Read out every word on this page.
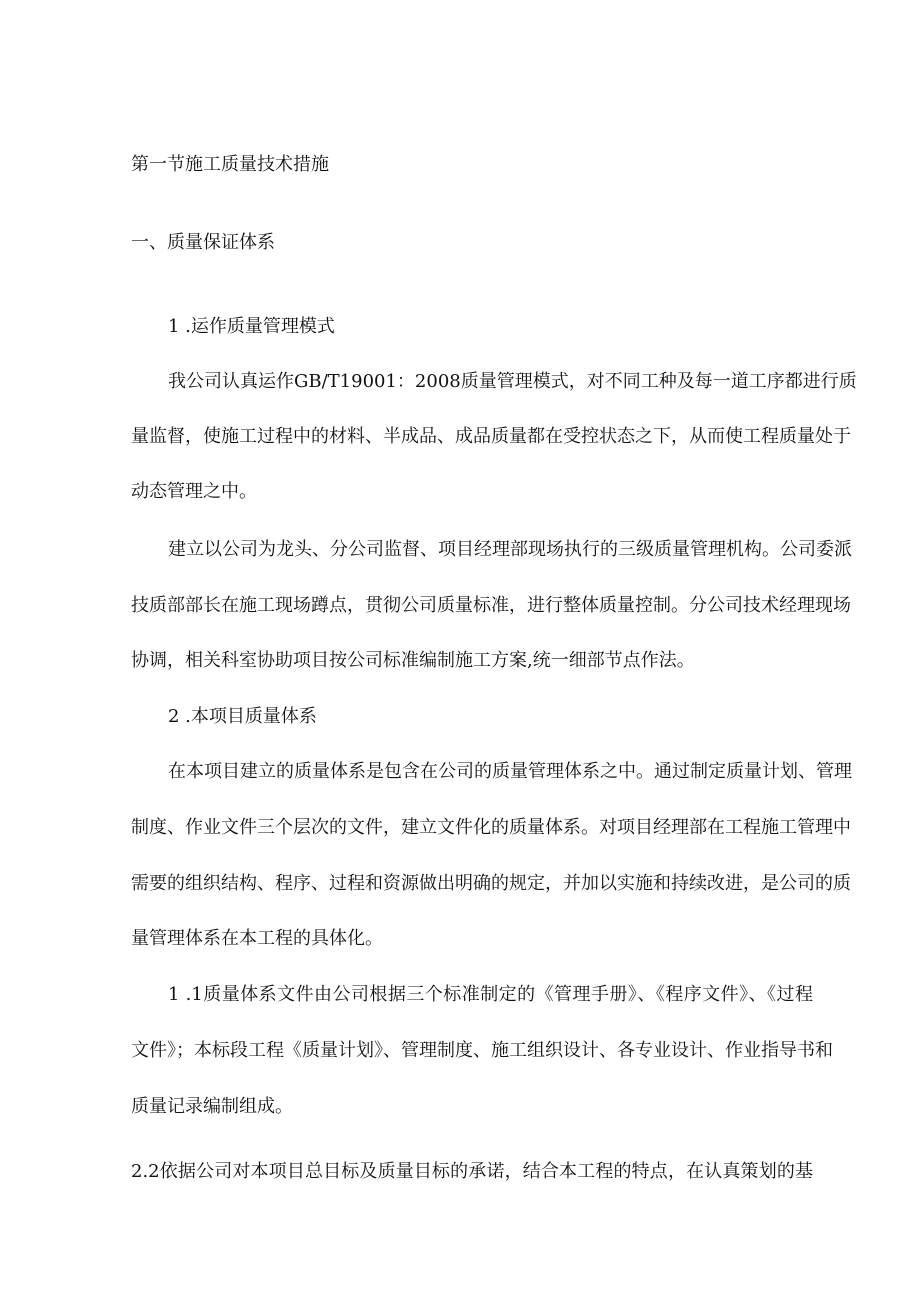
第一节施工质量技术措施
一、质量保证体系
1 .运作质量管理模式
我公司认真运作GB/T19001：2008质量管理模式，对不同工种及每一道工序都进行质
量监督，使施工过程中的材料、半成品、成品质量都在受控状态之下，从而使工程质量处于
动态管理之中。
建立以公司为龙头、分公司监督、项目经理部现场执行的三级质量管理机构。公司委派
技质部部长在施工现场蹲点，贯彻公司质量标准，进行整体质量控制。分公司技术经理现场
协调，相关科室协助项目按公司标准编制施工方案,统一细部节点作法。
2 .本项目质量体系
在本项目建立的质量体系是包含在公司的质量管理体系之中。通过制定质量计划、管理
制度、作业文件三个层次的文件，建立文件化的质量体系。对项目经理部在工程施工管理中
需要的组织结构、程序、过程和资源做出明确的规定，并加以实施和持续改进，是公司的质
量管理体系在本工程的具体化。
1 .1质量体系文件由公司根据三个标准制定的《管理手册》、《程序文件》、《过程
文件》；本标段工程《质量计划》、管理制度、施工组织设计、各专业设计、作业指导书和
质量记录编制组成。
2.2依据公司对本项目总目标及质量目标的承诺，结合本工程的特点，在认真策划的基
